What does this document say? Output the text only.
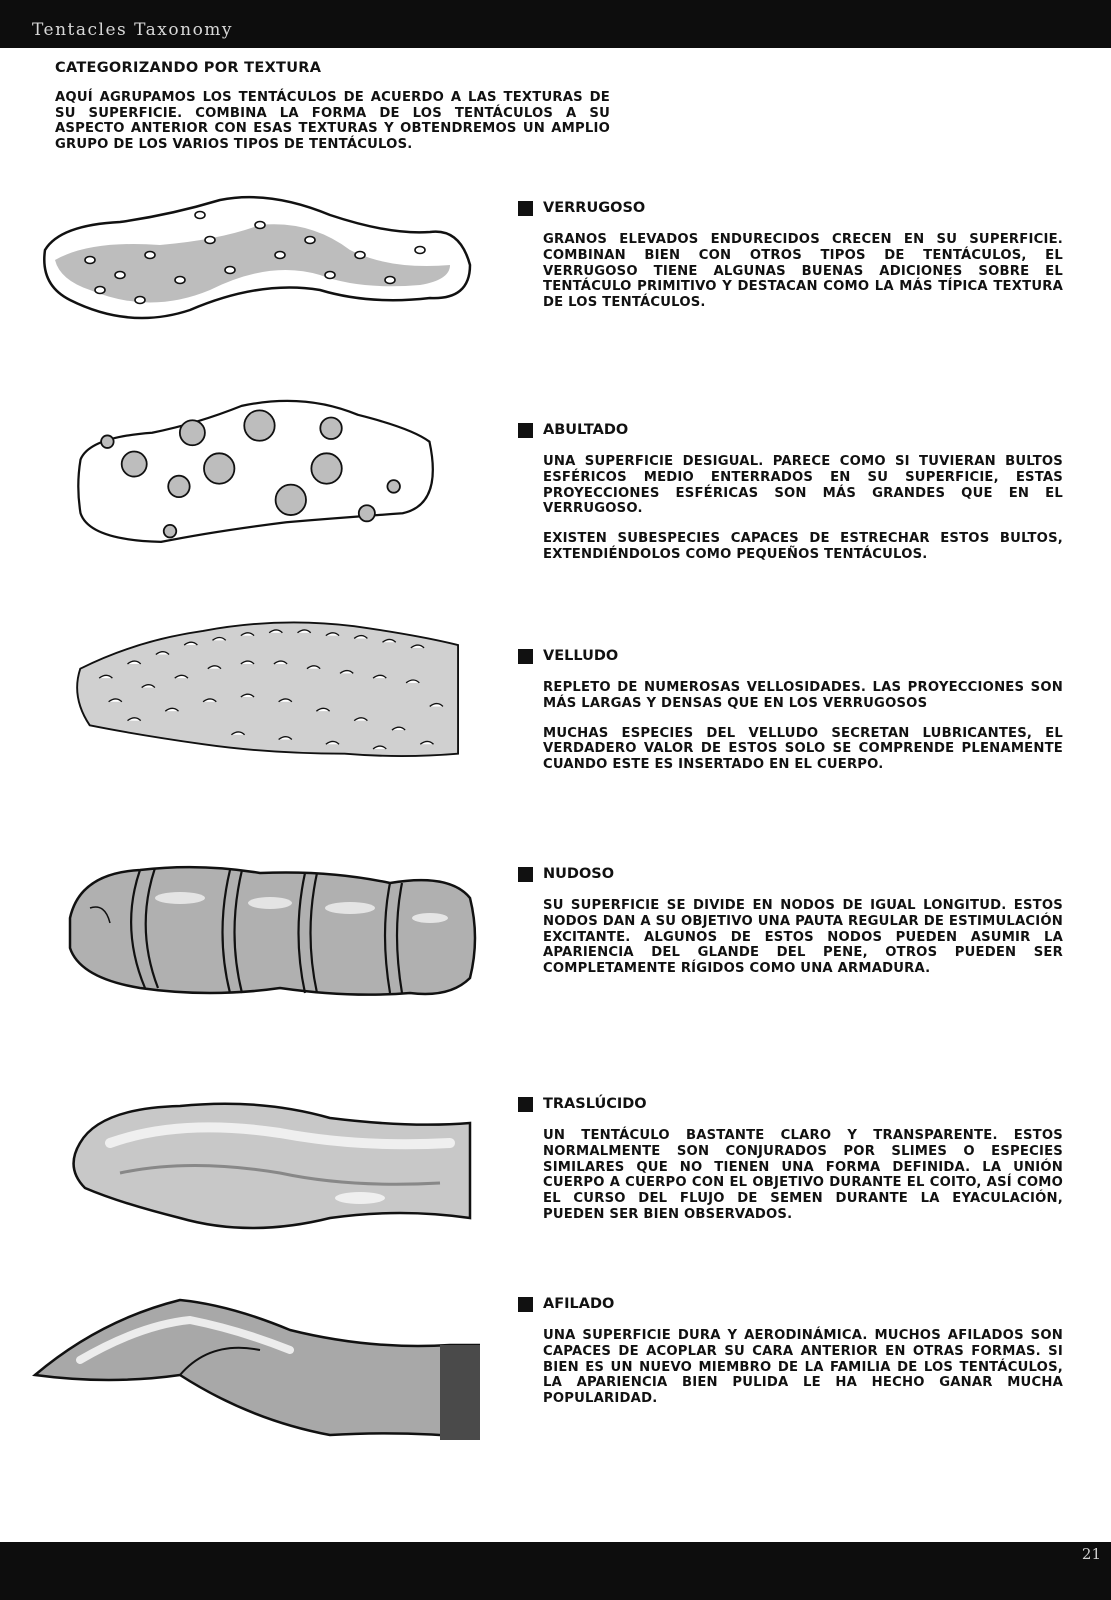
Tentacles Taxonomy
CATEGORIZANDO POR TEXTURA
AQUÍ AGRUPAMOS LOS TENTÁCULOS DE ACUERDO A LAS TEXTURAS DE SU SUPERFICIE. COMBINA LA FORMA DE LOS TENTÁCULOS A SU ASPECTO ANTERIOR CON ESAS TEXTURAS Y OBTENDREMOS UN AMPLIO GRUPO DE LOS VARIOS TIPOS DE TENTÁCULOS.
VERRUGOSO

GRANOS ELEVADOS ENDURECIDOS CRECEN EN SU SUPERFICIE. COMBINAN BIEN CON OTROS TIPOS DE TENTÁCULOS, EL VERRUGOSO TIENE ALGUNAS BUENAS ADICIONES SOBRE EL TENTÁCULO PRIMITIVO Y DESTACAN COMO LA MÁS TÍPICA TEXTURA DE LOS TENTÁCULOS.

ABULTADO

UNA SUPERFICIE DESIGUAL. PARECE COMO SI TUVIERAN BULTOS ESFÉRICOS MEDIO ENTERRADOS EN SU SUPERFICIE, ESTAS PROYECCIONES ESFÉRICAS SON MÁS GRANDES QUE EN EL VERRUGOSO.

EXISTEN SUBESPECIES CAPACES DE ESTRECHAR ESTOS BULTOS, EXTENDIÉNDOLOS COMO PEQUEÑOS TENTÁCULOS.

VELLUDO

REPLETO DE NUMEROSAS VELLOSIDADES. LAS PROYECCIONES SON MÁS LARGAS Y DENSAS QUE EN LOS VERRUGOSOS

MUCHAS ESPECIES DEL VELLUDO SECRETAN LUBRICANTES, EL VERDADERO VALOR DE ESTOS SOLO SE COMPRENDE PLENAMENTE CUANDO ESTE ES INSERTADO EN EL CUERPO.

NUDOSO

SU SUPERFICIE SE DIVIDE EN NODOS DE IGUAL LONGITUD. ESTOS NODOS DAN A SU OBJETIVO UNA PAUTA REGULAR DE ESTIMULACIÓN EXCITANTE. ALGUNOS DE ESTOS NODOS PUEDEN ASUMIR LA APARIENCIA DEL GLANDE DEL PENE, OTROS PUEDEN SER COMPLETAMENTE RÍGIDOS COMO UNA ARMADURA.

TRASLÚCIDO

UN TENTÁCULO BASTANTE CLARO Y TRANSPARENTE. ESTOS NORMALMENTE SON CONJURADOS POR SLIMES O ESPECIES SIMILARES QUE NO TIENEN UNA FORMA DEFINIDA. LA UNIÓN CUERPO A CUERPO CON EL OBJETIVO DURANTE EL COITO, ASÍ COMO EL CURSO DEL FLUJO DE SEMEN DURANTE LA EYACULACIÓN, PUEDEN SER BIEN OBSERVADOS.

AFILADO

UNA SUPERFICIE DURA Y AERODINÁMICA. MUCHOS AFILADOS SON CAPACES DE ACOPLAR SU CARA ANTERIOR EN OTRAS FORMAS. SI BIEN ES UN NUEVO MIEMBRO DE LA FAMILIA DE LOS TENTÁCULOS, LA APARIENCIA BIEN PULIDA LE HA HECHO GANAR MUCHA POPULARIDAD.

21
